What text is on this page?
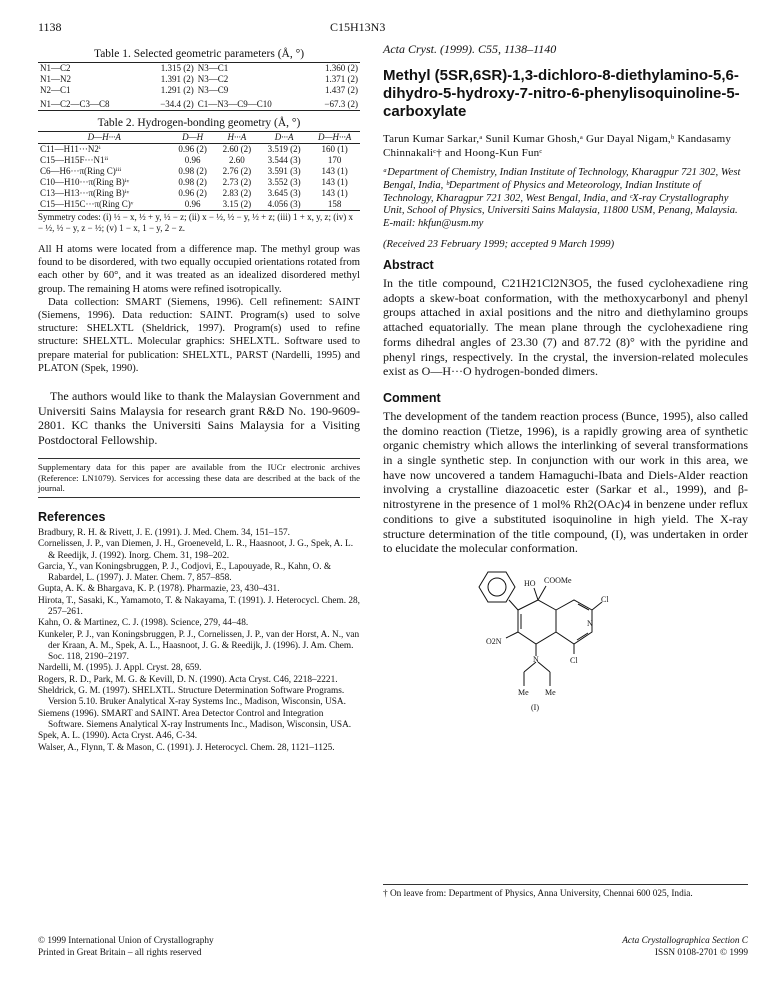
1138	C15H13N3
Table 1. Selected geometric parameters (Å, °)
N1—C2	1.315 (2)	N3—C1	1.360 (2)
N1—N2	1.391 (2)	N3—C2	1.371 (2)
N2—C1	1.291 (2)	N3—C9	1.437 (2)
N1—C2—C3—C8	−34.4 (2)	C1—N3—C9—C10	−67.3 (2)
Table 2. Hydrogen-bonding geometry (Å, °)
D—H···A	D—H	H···A	D···A	D—H···A
C11—H11···N2ⁱ	0.96 (2)	2.60 (2)	3.519 (2)	160 (1)
C15—H15F···N1ⁱⁱ	0.96	2.60	3.544 (3)	170
C6—H6···π(Ring C)ⁱⁱⁱ	0.98 (2)	2.76 (2)	3.591 (3)	143 (1)
C10—H10···π(Ring B)ⁱᵛ	0.98 (2)	2.73 (2)	3.552 (3)	143 (1)
C13—H13···π(Ring B)ⁱᵛ	0.96 (2)	2.83 (2)	3.645 (3)	143 (1)
C15—H15C···π(Ring C)ᵛ	0.96	3.15 (2)	4.056 (3)	158
Symmetry codes: (i) ½ − x, ½ + y, ½ − z; (ii) x − ½, ½ − y, ½ + z; (iii) 1 + x, y, z; (iv) x − ½, ½ − y, z − ½; (v) 1 − x, 1 − y, 2 − z.

All H atoms were located from a difference map. The methyl group was found to be disordered, with two equally occupied orientations rotated from each other by 60°, and it was treated as an idealized disordered methyl group. The remaining H atoms were refined isotropically.

Data collection: SMART (Siemens, 1996). Cell refinement: SAINT (Siemens, 1996). Data reduction: SAINT. Program(s) used to solve structure: SHELXTL (Sheldrick, 1997). Program(s) used to refine structure: SHELXTL. Molecular graphics: SHELXTL. Software used to prepare material for publication: SHELXTL, PARST (Nardelli, 1995) and PLATON (Spek, 1990).

The authors would like to thank the Malaysian Government and Universiti Sains Malaysia for research grant R&D No. 190-9609-2801. KC thanks the Universiti Sains Malaysia for a Visiting Postdoctoral Fellowship.

Supplementary data for this paper are available from the IUCr electronic archives (Reference: LN1079). Services for accessing these data are described at the back of the journal.
References

Bradbury, R. H. & Rivett, J. E. (1991). J. Med. Chem. 34, 151–157.

Cornelissen, J. P., van Diemen, J. H., Groeneveld, L. R., Haasnoot, J. G., Spek, A. L. & Reedijk, J. (1992). Inorg. Chem. 31, 198–202.

Garcia, Y., van Koningsbruggen, P. J., Codjovi, E., Lapouyade, R., Kahn, O. & Rabardel, L. (1997). J. Mater. Chem. 7, 857–858.

Gupta, A. K. & Bhargava, K. P. (1978). Pharmazie, 23, 430–431.

Hirota, T., Sasaki, K., Yamamoto, T. & Nakayama, T. (1991). J. Heterocycl. Chem. 28, 257–261.

Kahn, O. & Martinez, C. J. (1998). Science, 279, 44–48.

Kunkeler, P. J., van Koningsbruggen, P. J., Cornelissen, J. P., van der Horst, A. N., van der Kraan, A. M., Spek, A. L., Haasnoot, J. G. & Reedijk, J. (1996). J. Am. Chem. Soc. 118, 2190–2197.

Nardelli, M. (1995). J. Appl. Cryst. 28, 659.

Rogers, R. D., Park, M. G. & Kevill, D. N. (1990). Acta Cryst. C46, 2218–2221.

Sheldrick, G. M. (1997). SHELXTL. Structure Determination Software Programs. Version 5.10. Bruker Analytical X-ray Systems Inc., Madison, Wisconsin, USA.

Siemens (1996). SMART and SAINT. Area Detector Control and Integration Software. Siemens Analytical X-ray Instruments Inc., Madison, Wisconsin, USA.

Spek, A. L. (1990). Acta Cryst. A46, C-34.

Walser, A., Flynn, T. & Mason, C. (1991). J. Heterocycl. Chem. 28, 1121–1125.

Acta Cryst. (1999). C55, 1138–1140
Methyl (5SR,6SR)-1,3-dichloro-8-diethylamino-5,6-dihydro-5-hydroxy-7-nitro-6-phenylisoquinoline-5-carboxylate
Tarun Kumar Sarkar,ᵃ Sunil Kumar Ghosh,ᵃ Gur Dayal Nigam,ᵇ Kandasamy Chinnakaliᶜ† and Hoong-Kun Funᶜ
ᵃDepartment of Chemistry, Indian Institute of Technology, Kharagpur 721 302, West Bengal, India, ᵇDepartment of Physics and Meteorology, Indian Institute of Technology, Kharagpur 721 302, West Bengal, India, and ᶜX-ray Crystallography Unit, School of Physics, Universiti Sains Malaysia, 11800 USM, Penang, Malaysia. E-mail: hkfun@usm.my
(Received 23 February 1999; accepted 9 March 1999)
Abstract

In the title compound, C21H21Cl2N3O5, the fused cyclohexadiene ring adopts a skew-boat conformation, with the methoxycarbonyl and phenyl groups attached in axial positions and the nitro and diethylamino groups attached equatorially. The mean plane through the cyclohexadiene ring forms dihedral angles of 23.30 (7) and 87.72 (8)° with the pyridine and phenyl rings, respectively. In the crystal, the inversion-related molecules exist as O—H···O hydrogen-bonded dimers.

Comment

The development of the tandem reaction process (Bunce, 1995), also called the domino reaction (Tietze, 1996), is a rapidly growing area of synthetic organic chemistry which allows the interlinking of several transformations in a single synthetic step. In conjunction with our work in this area, we have now uncovered a tandem Hamaguchi-Ibata and Diels-Alder reaction involving a crystalline diazoacetic ester (Sarkar et al., 1999), and β-nitrostyrene in the presence of 1 mol% Rh2(OAc)4 in benzene under reflux conditions to give a substituted isoquinoline in high yield. The X-ray structure determination of the title compound, (I), was undertaken in order to elucidate the molecular conformation.

HO COOMe
Cl
N
Cl
O2N
N
Me Me
(I)
† On leave from: Department of Physics, Anna University, Chennai 600 025, India.
© 1999 International Union of Crystallography
Printed in Great Britain – all rights reserved
Acta Crystallographica Section C
ISSN 0108-2701 © 1999
